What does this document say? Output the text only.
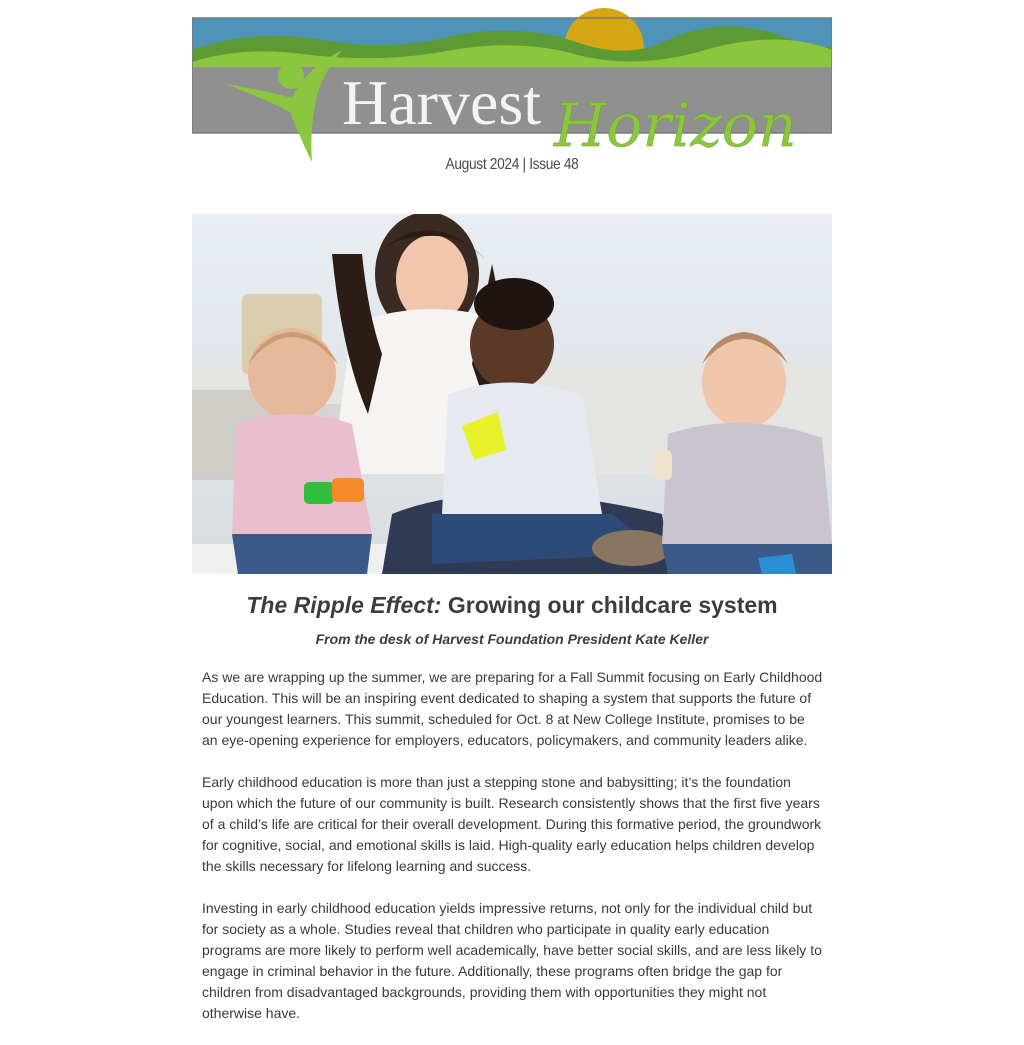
Harvest Horizon
August 2024 | Issue 48
The Ripple Effect: Growing our childcare system

From the desk of Harvest Foundation President Kate Keller

As we are wrapping up the summer, we are preparing for a Fall Summit focusing on Early Childhood Education. This will be an inspiring event dedicated to shaping a system that supports the future of our youngest learners. This summit, scheduled for Oct. 8 at New College Institute, promises to be an eye-opening experience for employers, educators, policymakers, and community leaders alike.

Early childhood education is more than just a stepping stone and babysitting; it’s the foundation upon which the future of our community is built. Research consistently shows that the first five years of a child’s life are critical for their overall development. During this formative period, the groundwork for cognitive, social, and emotional skills is laid. High-quality early education helps children develop the skills necessary for lifelong learning and success.

Investing in early childhood education yields impressive returns, not only for the individual child but for society as a whole. Studies reveal that children who participate in quality early education programs are more likely to perform well academically, have better social skills, and are less likely to engage in criminal behavior in the future. Additionally, these programs often bridge the gap for children from disadvantaged backgrounds, providing them with opportunities they might not otherwise have.
